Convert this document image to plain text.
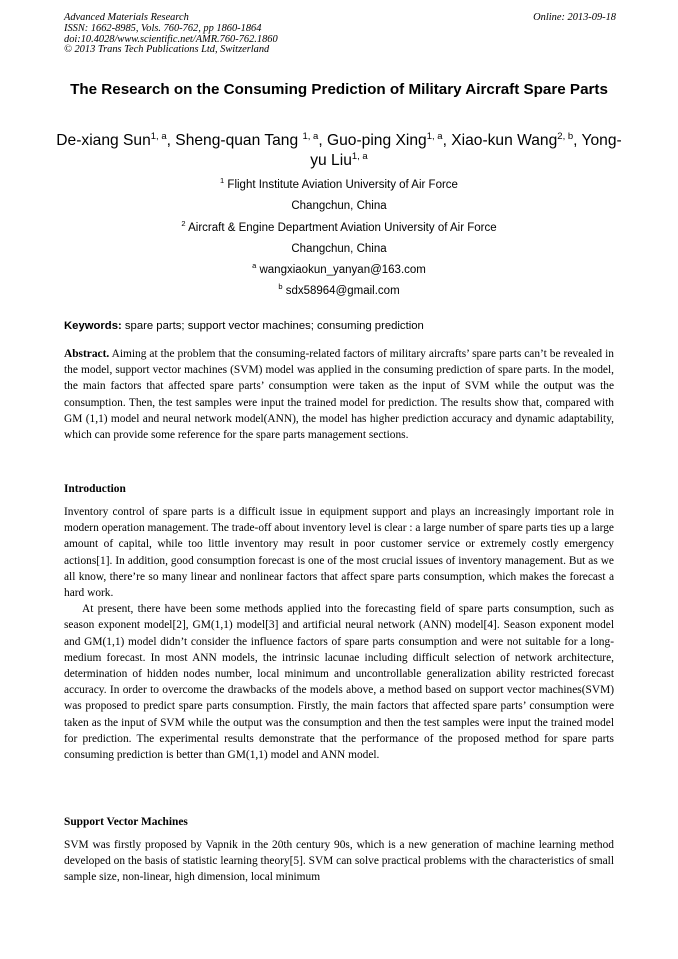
Advanced Materials Research
ISSN: 1662-8985, Vols. 760-762, pp 1860-1864
doi:10.4028/www.scientific.net/AMR.760-762.1860
© 2013 Trans Tech Publications Ltd, Switzerland
Online: 2013-09-18
The Research on the Consuming Prediction of Military Aircraft Spare Parts
De-xiang Sun$^{1, a}$, Sheng-quan Tang $^{1, a}$, Guo-ping Xing$^{1, a}$, Xiao-kun Wang$^{2, b}$, Yong-yu Liu$^{1, a}$
$^1$ Flight Institute Aviation University of Air Force
Changchun, China
$^2$ Aircraft & Engine Department Aviation University of Air Force
Changchun, China
$^a$ wangxiaokun_yanyan@163.com
$^b$ sdx58964@gmail.com
Keywords: spare parts; support vector machines; consuming prediction

Abstract. Aiming at the problem that the consuming-related factors of military aircrafts’ spare parts can’t be revealed in the model, support vector machines (SVM) model was applied in the consuming prediction of spare parts. In the model, the main factors that affected spare parts’ consumption were taken as the input of SVM while the output was the consumption. Then, the test samples were input the trained model for prediction. The results show that, compared with GM (1,1) model and neural network model(ANN), the model has higher prediction accuracy and dynamic adaptability, which can provide some reference for the spare parts management sections.

Introduction

Inventory control of spare parts is a difficult issue in equipment support and plays an increasingly important role in modern operation management. The trade-off about inventory level is clear : a large number of spare parts ties up a large amount of capital, while too little inventory may result in poor customer service or extremely costly emergency actions[1]. In addition, good consumption forecast is one of the most crucial issues of inventory management. But as we all know, there’re so many linear and nonlinear factors that affect spare parts consumption, which makes the forecast a hard work.

At present, there have been some methods applied into the forecasting field of spare parts consumption, such as season exponent model[2], GM(1,1) model[3] and artificial neural network (ANN) model[4]. Season exponent model and GM(1,1) model didn’t consider the influence factors of spare parts consumption and were not suitable for a long-medium forecast. In most ANN models, the intrinsic lacunae including difficult selection of network architecture, determination of hidden nodes number, local minimum and uncontrollable generalization ability restricted forecast accuracy. In order to overcome the drawbacks of the models above, a method based on support vector machines(SVM) was proposed to predict spare parts consumption. Firstly, the main factors that affected spare parts’ consumption were taken as the input of SVM while the output was the consumption and then the test samples were input the trained model for prediction. The experimental results demonstrate that the performance of the proposed method for spare parts consuming prediction is better than GM(1,1) model and ANN model.

Support Vector Machines

SVM was firstly proposed by Vapnik in the 20th century 90s, which is a new generation of machine learning method developed on the basis of statistic learning theory[5]. SVM can solve practical problems with the characteristics of small sample size, non-linear, high dimension, local minimum
